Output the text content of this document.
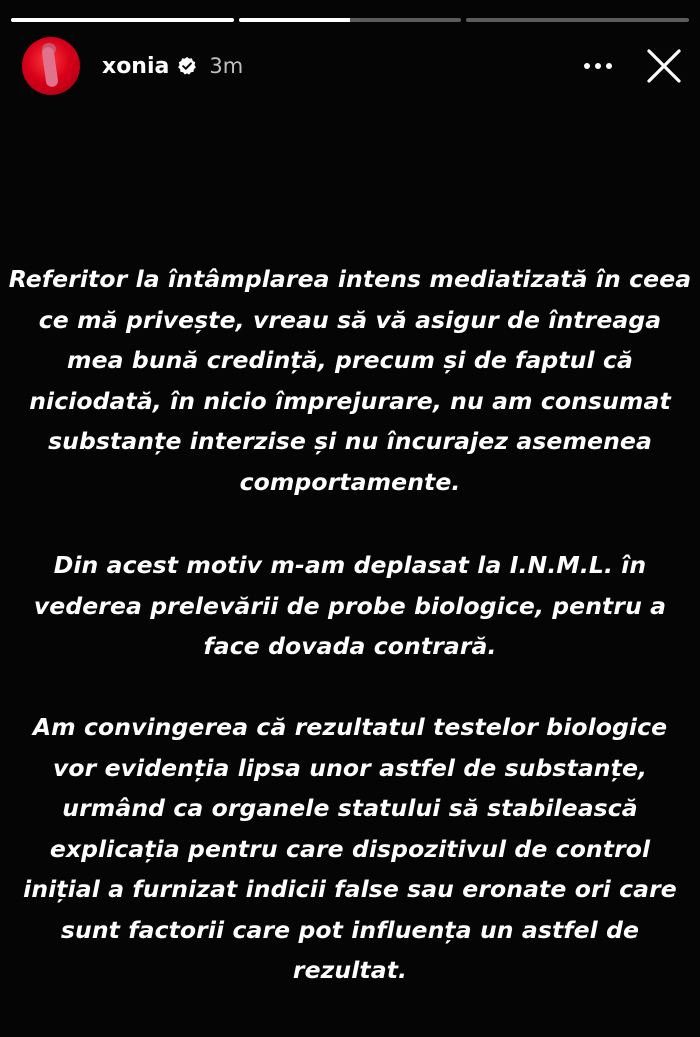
xonia 3m
Referitor la întâmplarea intens mediatizată în ceea ce mă privește, vreau să vă asigur de întreaga mea bună credință, precum și de faptul că niciodată, în nicio împrejurare, nu am consumat substanțe interzise și nu încurajez asemenea comportamente.
Din acest motiv m-am deplasat la I.N.M.L. în vederea prelevării de probe biologice, pentru a face dovada contrară.
Am convingerea că rezultatul testelor biologice vor evidenția lipsa unor astfel de substanțe, urmând ca organele statului să stabilească explicația pentru care dispozitivul de control inițial a furnizat indicii false sau eronate ori care sunt factorii care pot influența un astfel de rezultat.
